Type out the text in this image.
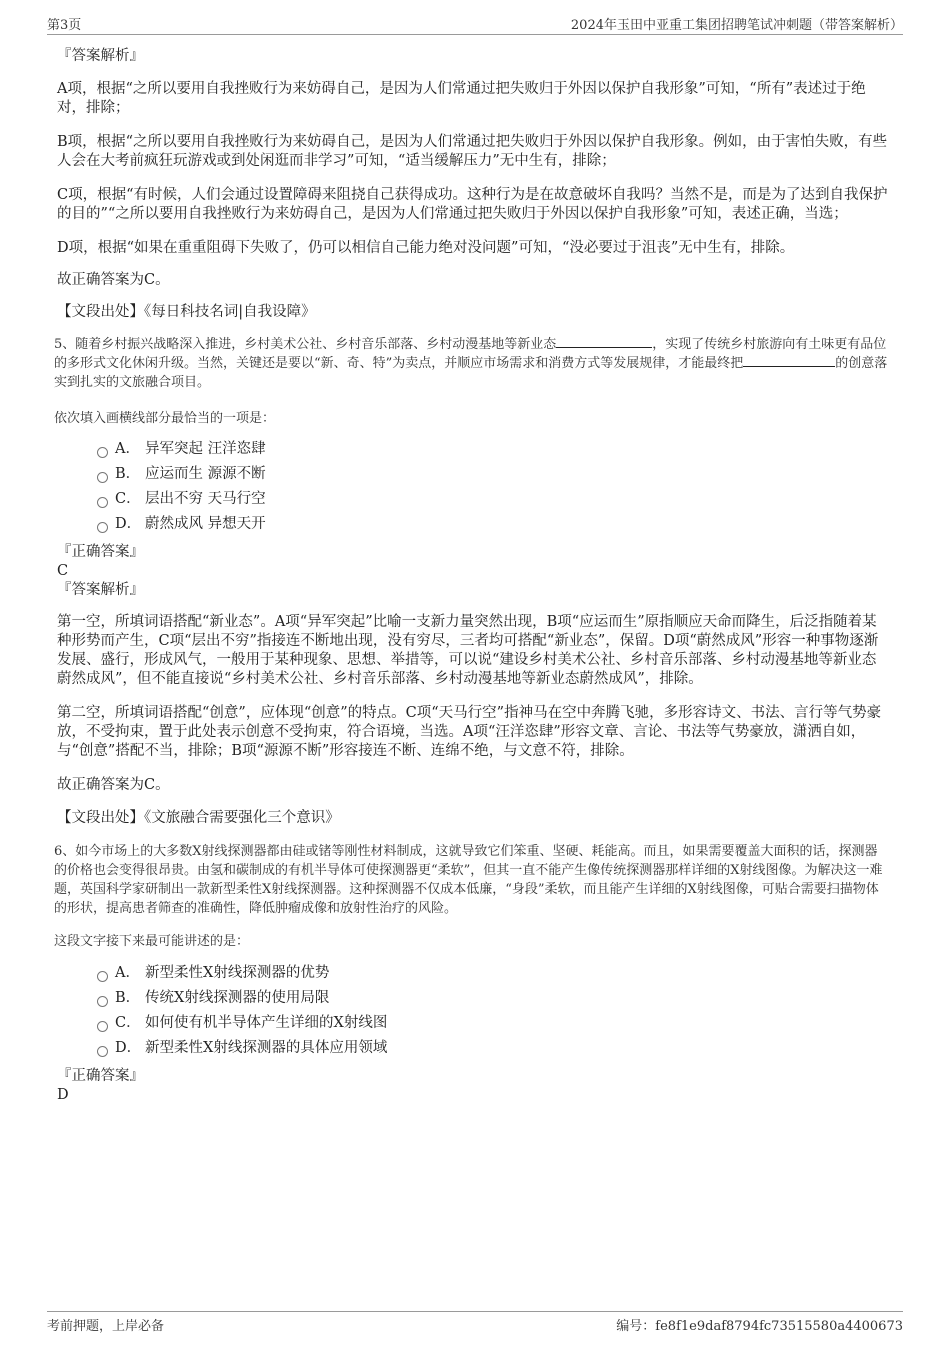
第3页	2024年玉田中亚重工集团招聘笔试冲刺题（带答案解析）
『答案解析』

A项，根据“之所以要用自我挫败行为来妨碍自己，是因为人们常通过把失败归于外因以保护自我形象”可知，“所有”表述过于绝对，排除；

B项，根据“之所以要用自我挫败行为来妨碍自己，是因为人们常通过把失败归于外因以保护自我形象。例如，由于害怕失败，有些人会在大考前疯狂玩游戏或到处闲逛而非学习”可知，“适当缓解压力”无中生有，排除；

C项，根据“有时候，人们会通过设置障碍来阻挠自己获得成功。这种行为是在故意破坏自我吗？当然不是，而是为了达到自我保护的目的”“之所以要用自我挫败行为来妨碍自己，是因为人们常通过把失败归于外因以保护自我形象”可知，表述正确，当选；

D项，根据“如果在重重阻碍下失败了，仍可以相信自己能力绝对没问题”可知，“没必要过于沮丧”无中生有，排除。

故正确答案为C。

【文段出处】《每日科技名词|自我设障》

5、随着乡村振兴战略深入推进，乡村美术公社、乡村音乐部落、乡村动漫基地等新业态	，实现了传统乡村旅游向有土味更有品位的多形式文化休闲升级。当然，关键还是要以“新、奇、特”为卖点，并顺应市场需求和消费方式等发展规律，才能最终把	的创意落实到扎实的文旅融合项目。

依次填入画横线部分最恰当的一项是：

A． 异军突起 汪洋恣肆
B． 应运而生 源源不断
C． 层出不穷 天马行空
D． 蔚然成风 异想天开
『正确答案』
C
『答案解析』

第一空，所填词语搭配“新业态”。A项“异军突起”比喻一支新力量突然出现，B项“应运而生”原指顺应天命而降生，后泛指随着某种形势而产生，C项“层出不穷”指接连不断地出现，没有穷尽，三者均可搭配“新业态”，保留。D项“蔚然成风”形容一种事物逐渐发展、盛行，形成风气，一般用于某种现象、思想、举措等，可以说“建设乡村美术公社、乡村音乐部落、乡村动漫基地等新业态蔚然成风”，但不能直接说“乡村美术公社、乡村音乐部落、乡村动漫基地等新业态蔚然成风”，排除。

第二空，所填词语搭配“创意”，应体现“创意”的特点。C项“天马行空”指神马在空中奔腾飞驰，多形容诗文、书法、言行等气势豪放，不受拘束，置于此处表示创意不受拘束，符合语境，当选。A项“汪洋恣肆”形容文章、言论、书法等气势豪放，潇洒自如，与“创意”搭配不当，排除；B项“源源不断”形容接连不断、连绵不绝，与文意不符，排除。

故正确答案为C。

【文段出处】《文旅融合需要强化三个意识》

6、如今市场上的大多数X射线探测器都由硅或锗等刚性材料制成，这就导致它们笨重、坚硬、耗能高。而且，如果需要覆盖大面积的话，探测器的价格也会变得很昂贵。由氢和碳制成的有机半导体可使探测器更“柔软”，但其一直不能产生像传统探测器那样详细的X射线图像。为解决这一难题，英国科学家研制出一款新型柔性X射线探测器。这种探测器不仅成本低廉，“身段”柔软，而且能产生详细的X射线图像，可贴合需要扫描物体的形状，提高患者筛查的准确性，降低肿瘤成像和放射性治疗的风险。

这段文字接下来最可能讲述的是：

A． 新型柔性X射线探测器的优势
B． 传统X射线探测器的使用局限
C． 如何使有机半导体产生详细的X射线图
D． 新型柔性X射线探测器的具体应用领域
『正确答案』
D
考前押题，上岸必备	编号：fe8f1e9daf8794fc73515580a4400673
